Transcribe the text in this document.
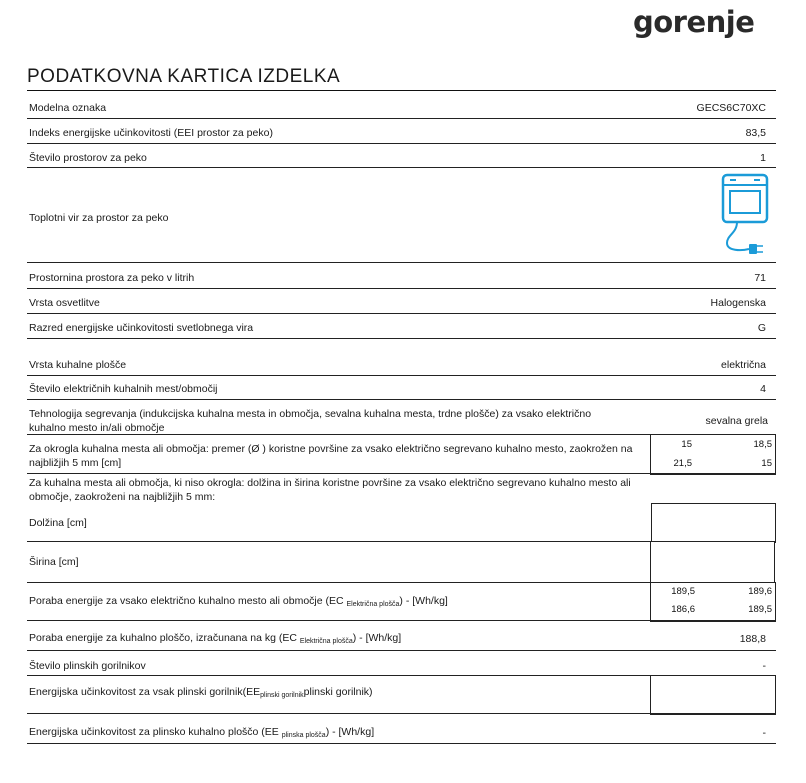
gorenje
PODATKOVNA KARTICA IZDELKA
Modelna oznaka	GECS6C70XC
Indeks energijske učinkovitosti (EEI prostor za peko)	83,5
Število prostorov za peko	1
Toplotni vir za prostor za peko
Prostornina prostora za peko v litrih	71
Vrsta osvetlitve	Halogenska
Razred energijske učinkovitosti svetlobnega vira	G
Vrsta kuhalne plošče	električna
Število električnih kuhalnih mest/območij	4
Tehnologija segrevanja (indukcijska kuhalna mesta in območja, sevalna kuhalna mesta, trdne plošče) za vsako električno kuhalno mesto in/ali območje
sevalna grela
Za okrogla kuhalna mesta ali območja: premer (Ø ) koristne površine za vsako električno segrevano kuhalno mesto, zaokrožen na najbližjih 5 mm [cm]
15	18,5
21,5	15
Za kuhalna mesta ali območja, ki niso okrogla: dolžina in širina koristne površine za vsako električno segrevano kuhalno mesto ali območje, zaokroženi na najbližjih 5 mm:
Dolžina [cm]
Širina [cm]
Poraba energije za vsako električno kuhalno mesto ali območje (EC $_{Električna plošča}$) - [Wh/kg]
189,5	189,6
186,6	189,5
Poraba energije za kuhalno ploščo, izračunana na kg (EC $_{Električna plošča}$) - [Wh/kg]	188,8
Število plinskih gorilnikov	-
Energijska učinkovitost za vsak plinski $gorilnik(EE_{plinski gorilnik}plinski$ gorilnik)
Energijska učinkovitost za plinsko kuhalno ploščo (EE $_{plinska plošča}$) - [Wh/kg]	-
